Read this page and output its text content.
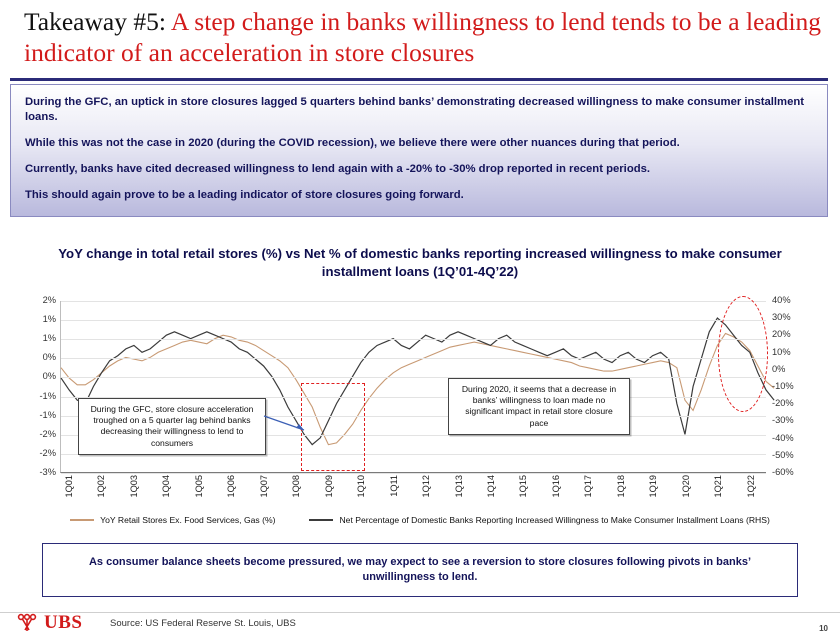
Takeaway #5: A step change in banks willingness to lend tends to be a leading indicator of an acceleration in store closures

During the GFC, an uptick in store closures lagged 5 quarters behind banks’ demonstrating decreased willingness to make consumer installment loans.

While this was not the case in 2020 (during the COVID recession), we believe there were other nuances during that period.

Currently, banks have cited decreased willingness to lend again with a -20% to -30% drop reported in recent periods.

This should again prove to be a leading indicator of store closures going forward.

YoY change in total retail stores (%) vs Net % of domestic banks reporting increased willingness to make consumer installment loans (1Q’01-4Q’22)
2%
1%
1%
0%
0%
-1%
-1%
-2%
-2%
-3%
40%
30%
20%
10%
0%
-10%
-20%
-30%
-40%
-50%
-60%
1Q01 1Q02 1Q03 1Q04 1Q05 1Q06 1Q07 1Q08 1Q09 1Q10 1Q11 1Q12 1Q13 1Q14 1Q15 1Q16 1Q17 1Q18 1Q19 1Q20 1Q21 1Q22
During the GFC, store closure acceleration troughed on a 5 quarter lag behind banks decreasing their willingness to lend to consumers
During 2020, it seems that a decrease in banks’ willingness to loan made no significant impact in retail store closure pace
YoY Retail Stores Ex. Food Services, Gas (%)	Net Percentage of Domestic Banks Reporting Increased Willingness to Make Consumer Installment Loans (RHS)

As consumer balance sheets become pressured, we may expect to see a reversion to store closures following pivots in banks’ unwillingness to lend.

UBS	Source: US Federal Reserve St. Louis, UBS	10
